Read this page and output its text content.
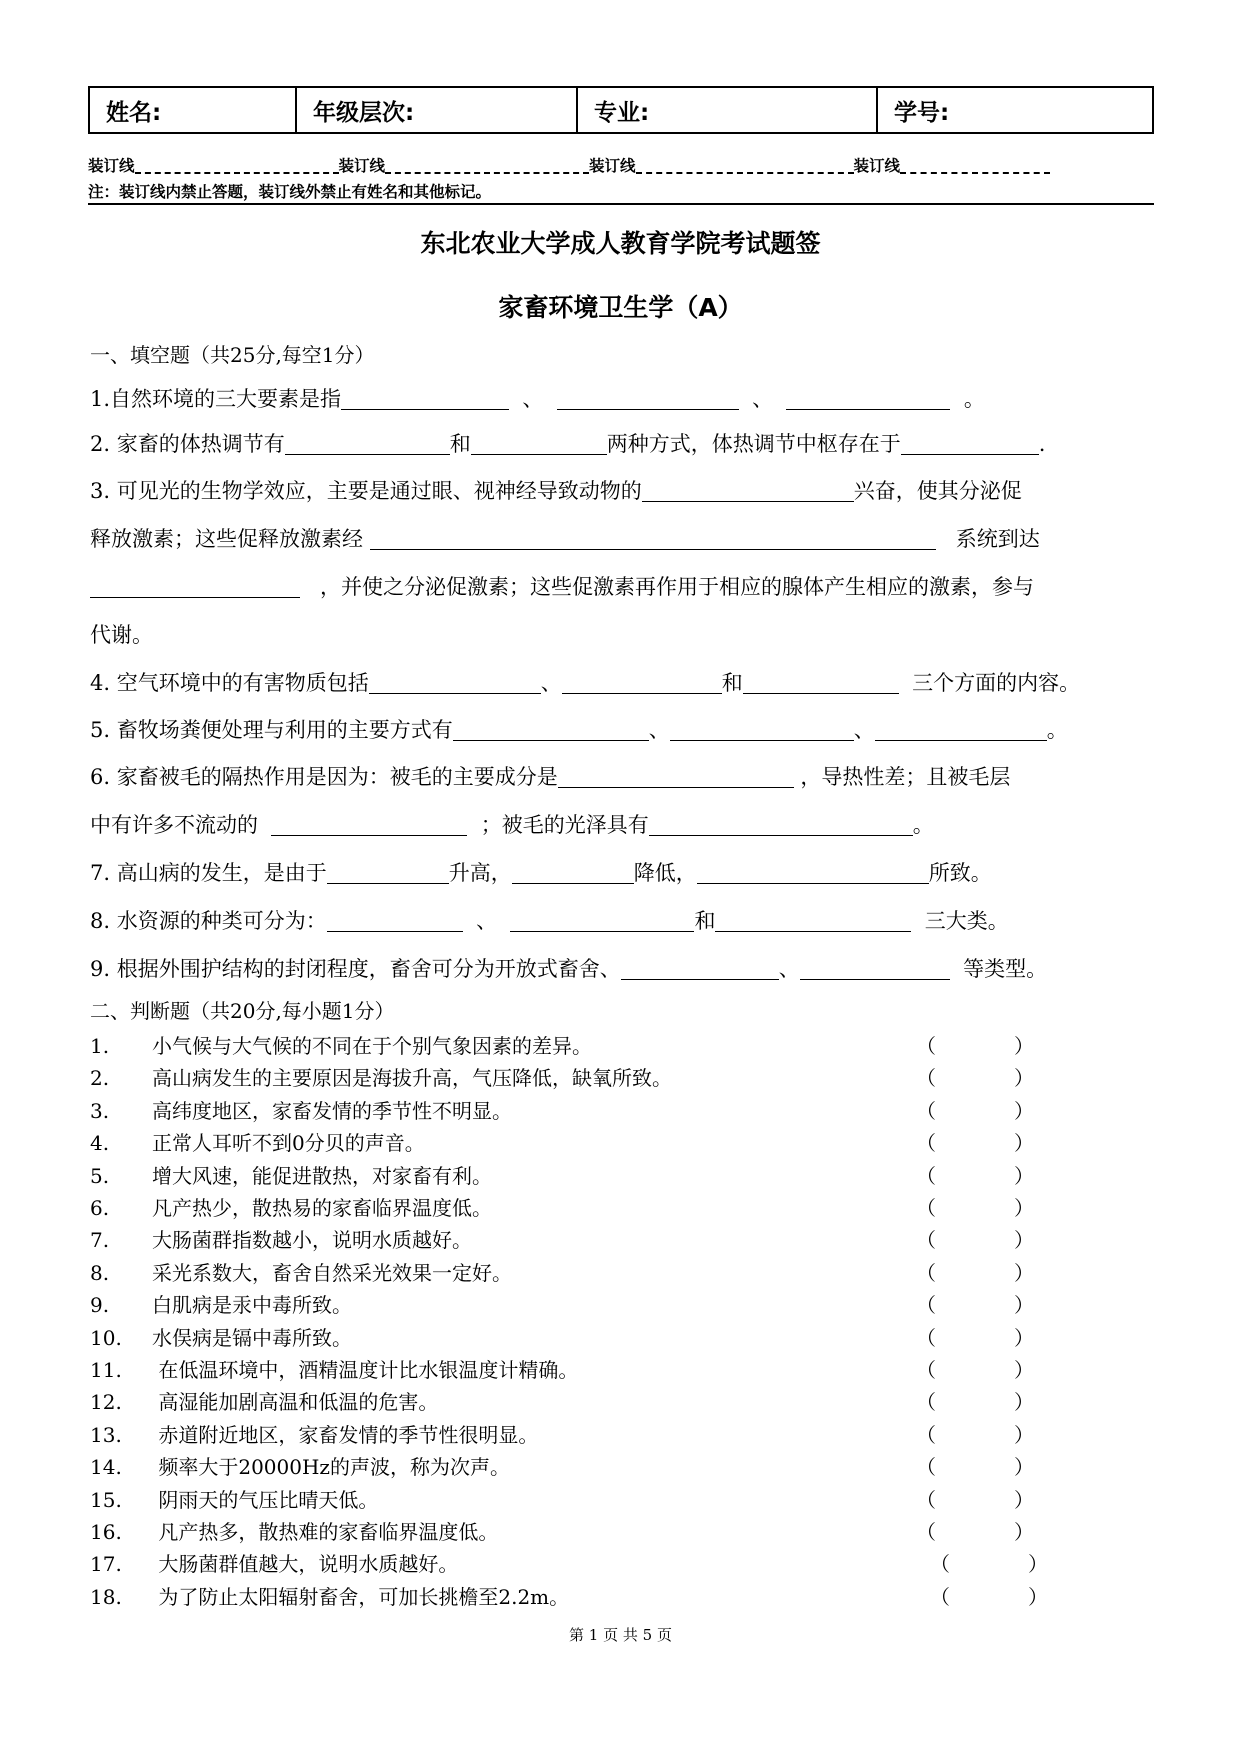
姓名:	年级层次:	专业:	学号:
装订线	装订线	装订线	装订线
注：装订线内禁止答题，装订线外禁止有姓名和其他标记。
东北农业大学成人教育学院考试题签
家畜环境卫生学（A）
一、填空题（共25分,每空1分）
1.自然环境的三大要素是指	、	、	。
2. 家畜的体热调节有	和	两种方式，体热调节中枢存在于	.
3. 可见光的生物学效应，主要是通过眼、视神经导致动物的	兴奋，使其分泌促
释放激素；这些促释放激素经	系统到达
，并使之分泌促激素；这些促激素再作用于相应的腺体产生相应的激素，参与
代谢。
4. 空气环境中的有害物质包括	、	和	三个方面的内容。
5. 畜牧场粪便处理与利用的主要方式有	、	、	。
6. 家畜被毛的隔热作用是因为：被毛的主要成分是	，导热性差；且被毛层
中有许多不流动的	；被毛的光泽具有	。
7. 高山病的发生，是由于	升高，	降低，	所致。
8. 水资源的种类可分为：	、	和	三大类。
9. 根据外围护结构的封闭程度，畜舍可分为开放式畜舍、	、	等类型。
二、判断题（共20分,每小题1分）
1. 小气候与大气候的不同在于个别气象因素的差异。	（	）
2. 高山病发生的主要原因是海拔升高，气压降低，缺氧所致。	（	）
3. 高纬度地区，家畜发情的季节性不明显。	（	）
4. 正常人耳听不到0分贝的声音。	（	）
5. 增大风速，能促进散热，对家畜有利。	（	）
6. 凡产热少，散热易的家畜临界温度低。	（	）
7. 大肠菌群指数越小，说明水质越好。	（	）
8. 采光系数大，畜舍自然采光效果一定好。	（	）
9. 白肌病是汞中毒所致。	（	）
10. 水俣病是镉中毒所致。	（	）
11. 在低温环境中，酒精温度计比水银温度计精确。	（	）
12. 高湿能加剧高温和低温的危害。	（	）
13. 赤道附近地区，家畜发情的季节性很明显。	（	）
14. 频率大于20000Hz的声波，称为次声。	（	）
15. 阴雨天的气压比晴天低。	（	）
16. 凡产热多，散热难的家畜临界温度低。	（	）
17. 大肠菌群值越大，说明水质越好。	（	）
18. 为了防止太阳辐射畜舍，可加长挑檐至2.2m。	（	）
第 1 页 共 5 页
